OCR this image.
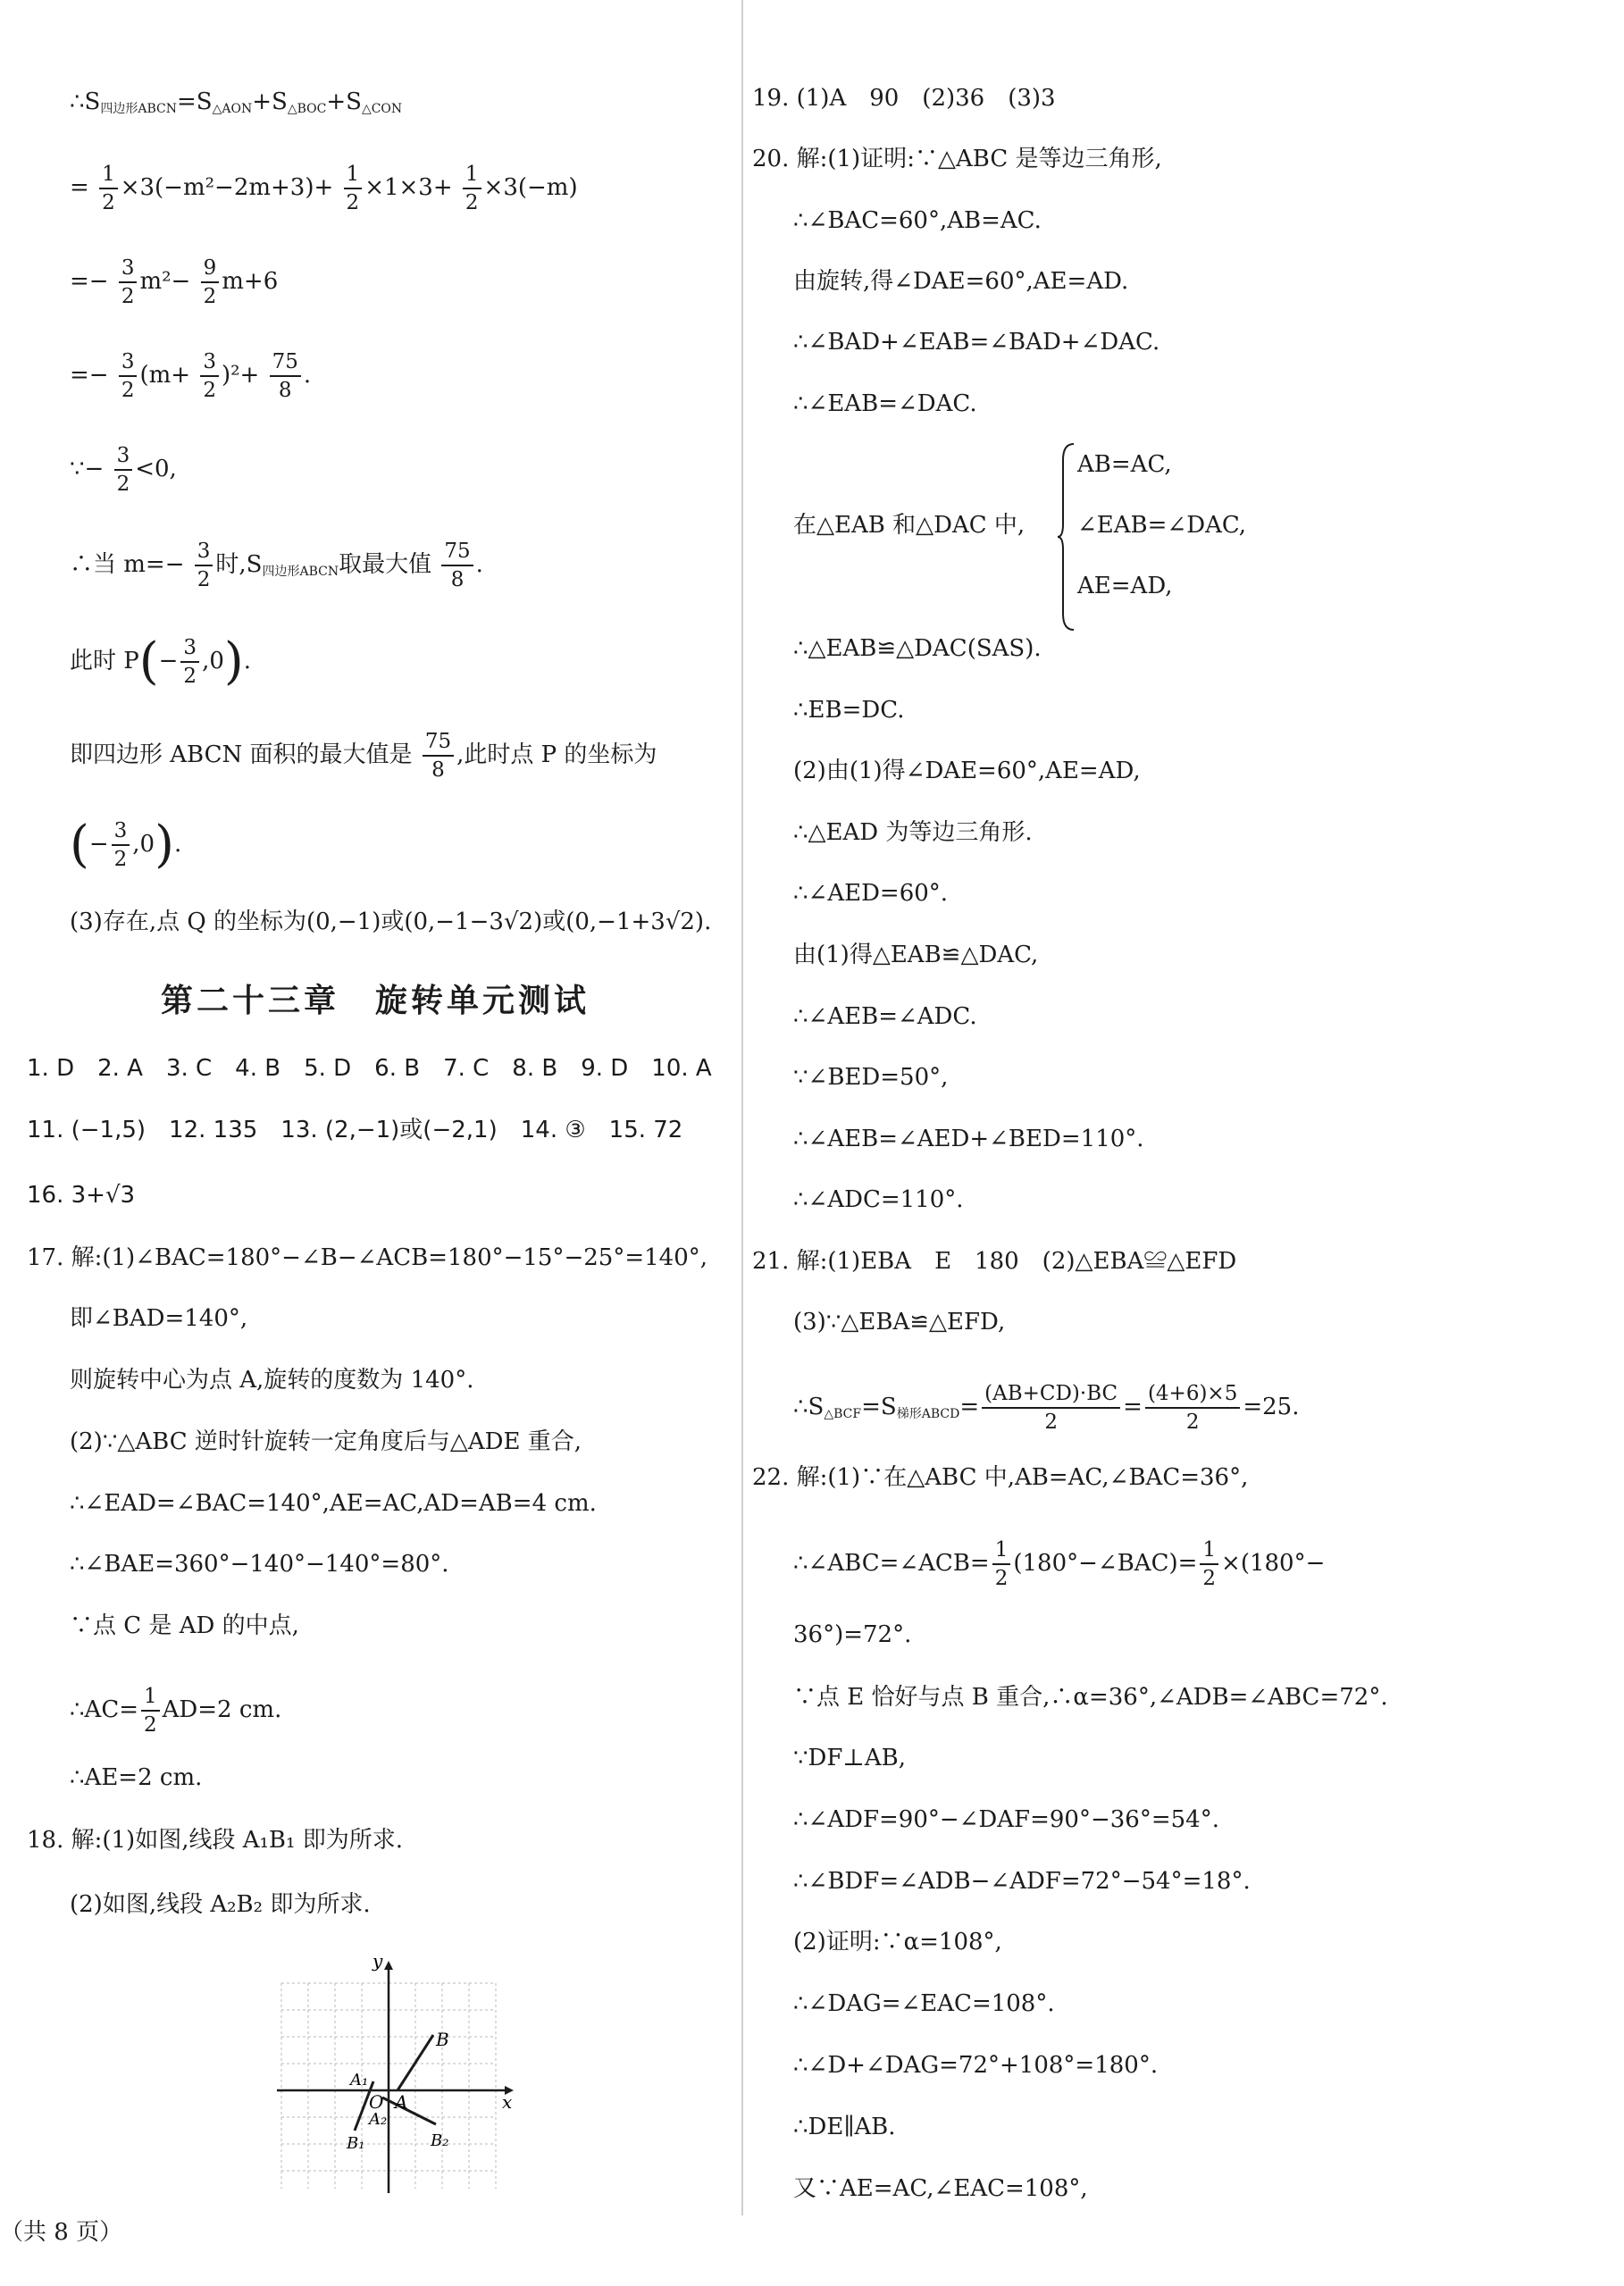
$\therefore S_{四边形ABCN}=S_{\triangle AON}+S_{\triangle BOC}+S_{\triangle CON}$
= $\frac{1}{2} \times 3(-m^2-2m+3)+ \frac{1}{2} \times 1\times 3+ \frac{1}{2} \times 3(-m)$
=− $\frac{3}{2} m^2- \frac{9}{2} m+6$
=− $\frac{3}{2} (m+ \frac{3}{2} )^2+ \frac{75}{8}$ .
∵− $\frac{3}{2} <0$,
∴当 $m=- \frac{3}{2}$ 时$,S_{四边形ABCN}$取最大值 $\frac{75}{8}$ .
此时 $P(- \frac{3}{2} ,0)$.
即四边形 ABCN 面积的最大值是 $\frac{75}{8}$ ,此时点 P 的坐标为
(− $\frac{3}{2} ,0$).
(3)存在,点 Q 的坐标为(0,−1)或(0,−1−3√2)或(0,−1+3√2).
第二十三章　旋转单元测试
1. D　2. A　3. C　4. B　5. D　6. B　7. C　8. B　9. D　10. A
11. (−1,5)　12. 135　13. (2,−1)或(−2,1)　14. ③　15. 72
16. 3+√3
17. 解:(1)∠BAC=180°−∠B−∠ACB=180°−15°−25°=140°,
即∠BAD=140°,
则旋转中心为点 A,旋转的度数为 140°.
(2)∵△ABC 逆时针旋转一定角度后与△ADE 重合,
∴∠EAD=∠BAC=140°,AE=AC,AD=AB=4 cm.
∴∠BAE=360°−140°−140°=80°.
∵点 C 是 AD 的中点,
∴AC= $\frac{1}{2} AD=2$ cm.
∴AE=2 cm.
18. 解:(1)如图,线段 A₁B₁ 即为所求.
(2)如图,线段 A₂B₂ 即为所求.
y
x
O A
B
A₁
A₂
B₁	B₂
19. (1)A　90　(2)36　(3)3
20. 解:(1)证明:∵△ABC 是等边三角形,
∴∠BAC=60°,AB=AC.
由旋转,得∠DAE=60°,AE=AD.
∴∠BAD+∠EAB=∠BAD+∠DAC.
∴∠EAB=∠DAC.
AB=AC,
在△EAB 和△DAC 中, ∠EAB=∠DAC,
AE=AD,
∴△EAB≌△DAC(SAS).
∴EB=DC.
(2)由(1)得∠DAE=60°,AE=AD,
∴△EAD 为等边三角形.
∴∠AED=60°.
由(1)得△EAB≌△DAC,
∴∠AEB=∠ADC.
∵∠BED=50°,
∴∠AEB=∠AED+∠BED=110°.
∴∠ADC=110°.
21. 解:(1)EBA　E　180　(2)△EBA≌△EFD
(3)∵△EBA≌△EFD,
$\therefore S_{\triangle BCF}=S_{梯形ABCD}= \frac{(AB+CD)\cdot BC}{2} = \frac{(4+6)\times 5}{2} =25$.
22. 解:(1)∵在△ABC 中,AB=AC,∠BAC=36°,
∴∠ABC=∠ACB= $\frac{1}{2}$ (180°−∠BAC)= $\frac{1}{2} \times(180^\circ-$
36°)=72°.
∵点 E 恰好与点 B 重合,∴α=36°,∠ADB=∠ABC=72°.
∵DF⊥AB,
∴∠ADF=90°−∠DAF=90°−36°=54°.
∴∠BDF=∠ADB−∠ADF=72°−54°=18°.
(2)证明:∵α=108°,
∴∠DAG=∠EAC=108°.
∴∠D+∠DAG=72°+108°=180°.
∴DE∥AB.
又∵AE=AC,∠EAC=108°,
（共 8 页）
